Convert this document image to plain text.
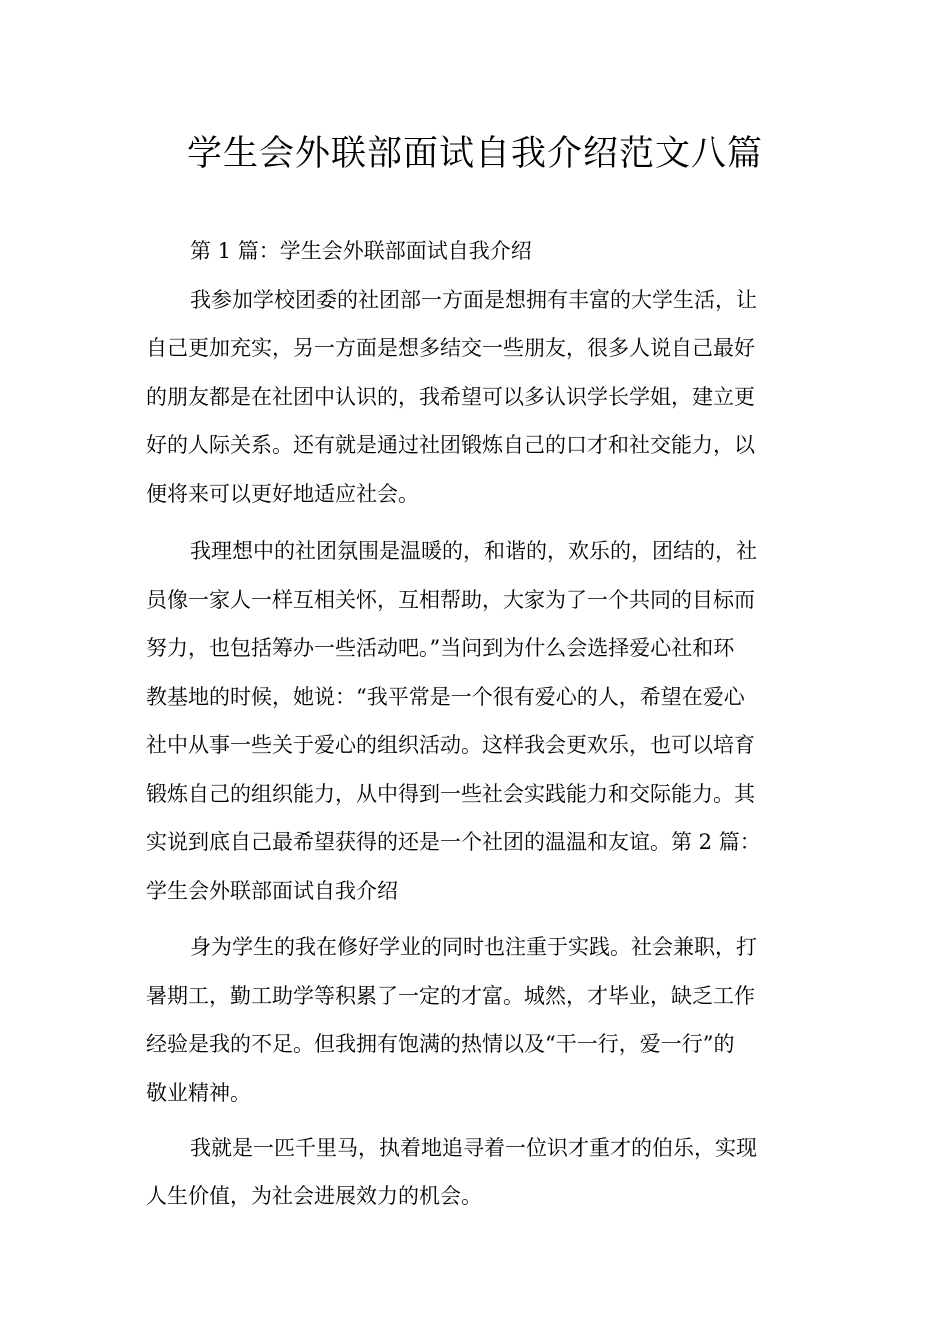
学生会外联部面试自我介绍范文八篇

第 1 篇：学生会外联部面试自我介绍

我参加学校团委的社团部一方面是想拥有丰富的大学生活，让

自己更加充实，另一方面是想多结交一些朋友，很多人说自己最好

的朋友都是在社团中认识的，我希望可以多认识学长学姐，建立更

好的人际关系。还有就是通过社团锻炼自己的口才和社交能力，以

便将来可以更好地适应社会。

我理想中的社团氛围是温暖的，和谐的，欢乐的，团结的，社

员像一家人一样互相关怀，互相帮助，大家为了一个共同的目标而

努力，也包括筹办一些活动吧。”当问到为什么会选择爱心社和环

教基地的时候，她说：“我平常是一个很有爱心的人，希望在爱心

社中从事一些关于爱心的组织活动。这样我会更欢乐，也可以培育

锻炼自己的组织能力，从中得到一些社会实践能力和交际能力。其

实说到底自己最希望获得的还是一个社团的温温和友谊。第 2 篇：

学生会外联部面试自我介绍

身为学生的我在修好学业的同时也注重于实践。社会兼职，打

暑期工，勤工助学等积累了一定的才富。城然，才毕业，缺乏工作

经验是我的不足。但我拥有饱满的热情以及“干一行，爱一行”的

敬业精神。

我就是一匹千里马，执着地追寻着一位识才重才的伯乐，实现

人生价值，为社会进展效力的机会。
